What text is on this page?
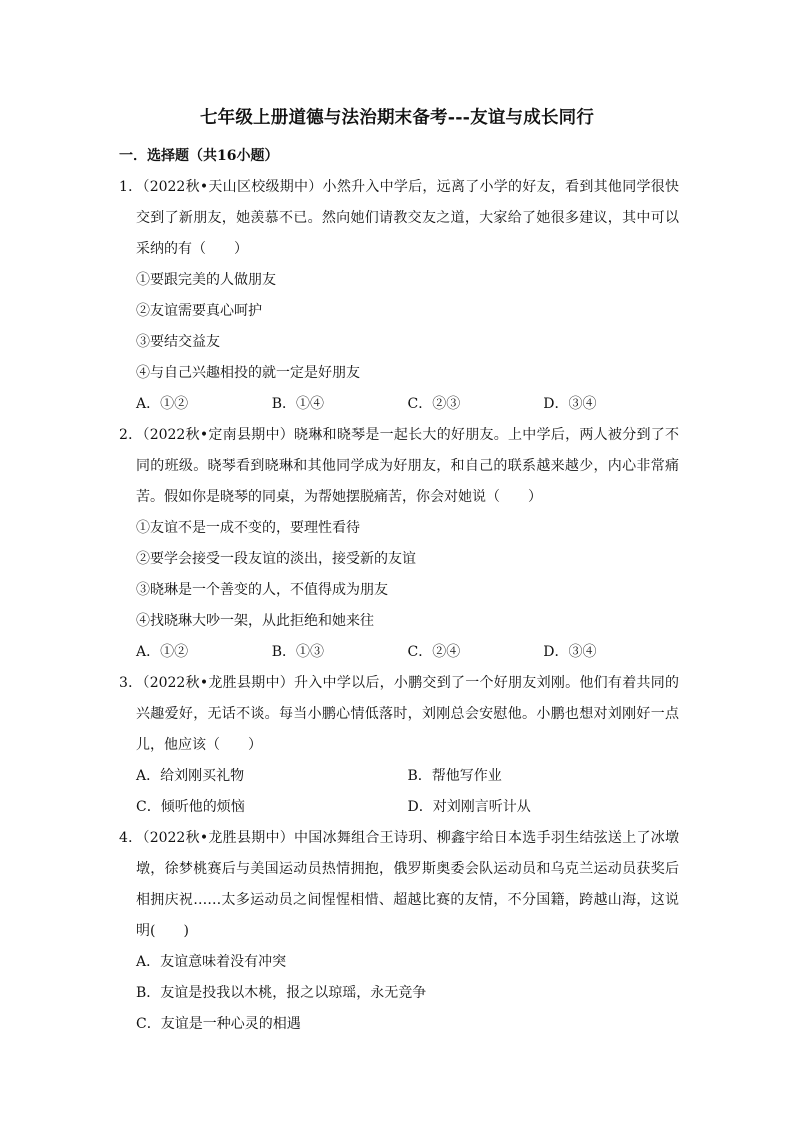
七年级上册道德与法治期末备考---友谊与成长同行
一．选择题（共16小题）
1．（2022秋•天山区校级期中）小然升入中学后，远离了小学的好友，看到其他同学很快交到了新朋友，她羡慕不已。然向她们请教交友之道，大家给了她很多建议，其中可以采纳的有（　　）
①要跟完美的人做朋友
②友谊需要真心呵护
③要结交益友
④与自己兴趣相投的就一定是好朋友
A．①②	B．①④	C．②③	D．③④
2．（2022秋•定南县期中）晓琳和晓琴是一起长大的好朋友。上中学后，两人被分到了不同的班级。晓琴看到晓琳和其他同学成为好朋友，和自己的联系越来越少，内心非常痛苦。假如你是晓琴的同桌，为帮她摆脱痛苦，你会对她说（　　）
①友谊不是一成不变的，要理性看待
②要学会接受一段友谊的淡出，接受新的友谊
③晓琳是一个善变的人，不值得成为朋友
④找晓琳大吵一架，从此拒绝和她来往
A．①②	B．①③	C．②④	D．③④
3．（2022秋•龙胜县期中）升入中学以后，小鹏交到了一个好朋友刘刚。他们有着共同的兴趣爱好，无话不谈。每当小鹏心情低落时，刘刚总会安慰他。小鹏也想对刘刚好一点儿，他应该（　　）
A．给刘刚买礼物	B．帮他写作业
C．倾听他的烦恼	D．对刘刚言听计从
4．（2022秋•龙胜县期中）中国冰舞组合王诗玥、柳鑫宇给日本选手羽生结弦送上了冰墩墩，徐梦桃赛后与美国运动员热情拥抱，俄罗斯奥委会队运动员和乌克兰运动员获奖后相拥庆祝……太多运动员之间惺惺相惜、超越比赛的友情，不分国籍，跨越山海，这说明(　　)
A．友谊意味着没有冲突
B．友谊是投我以木桃，报之以琼瑶，永无竞争
C．友谊是一种心灵的相遇
